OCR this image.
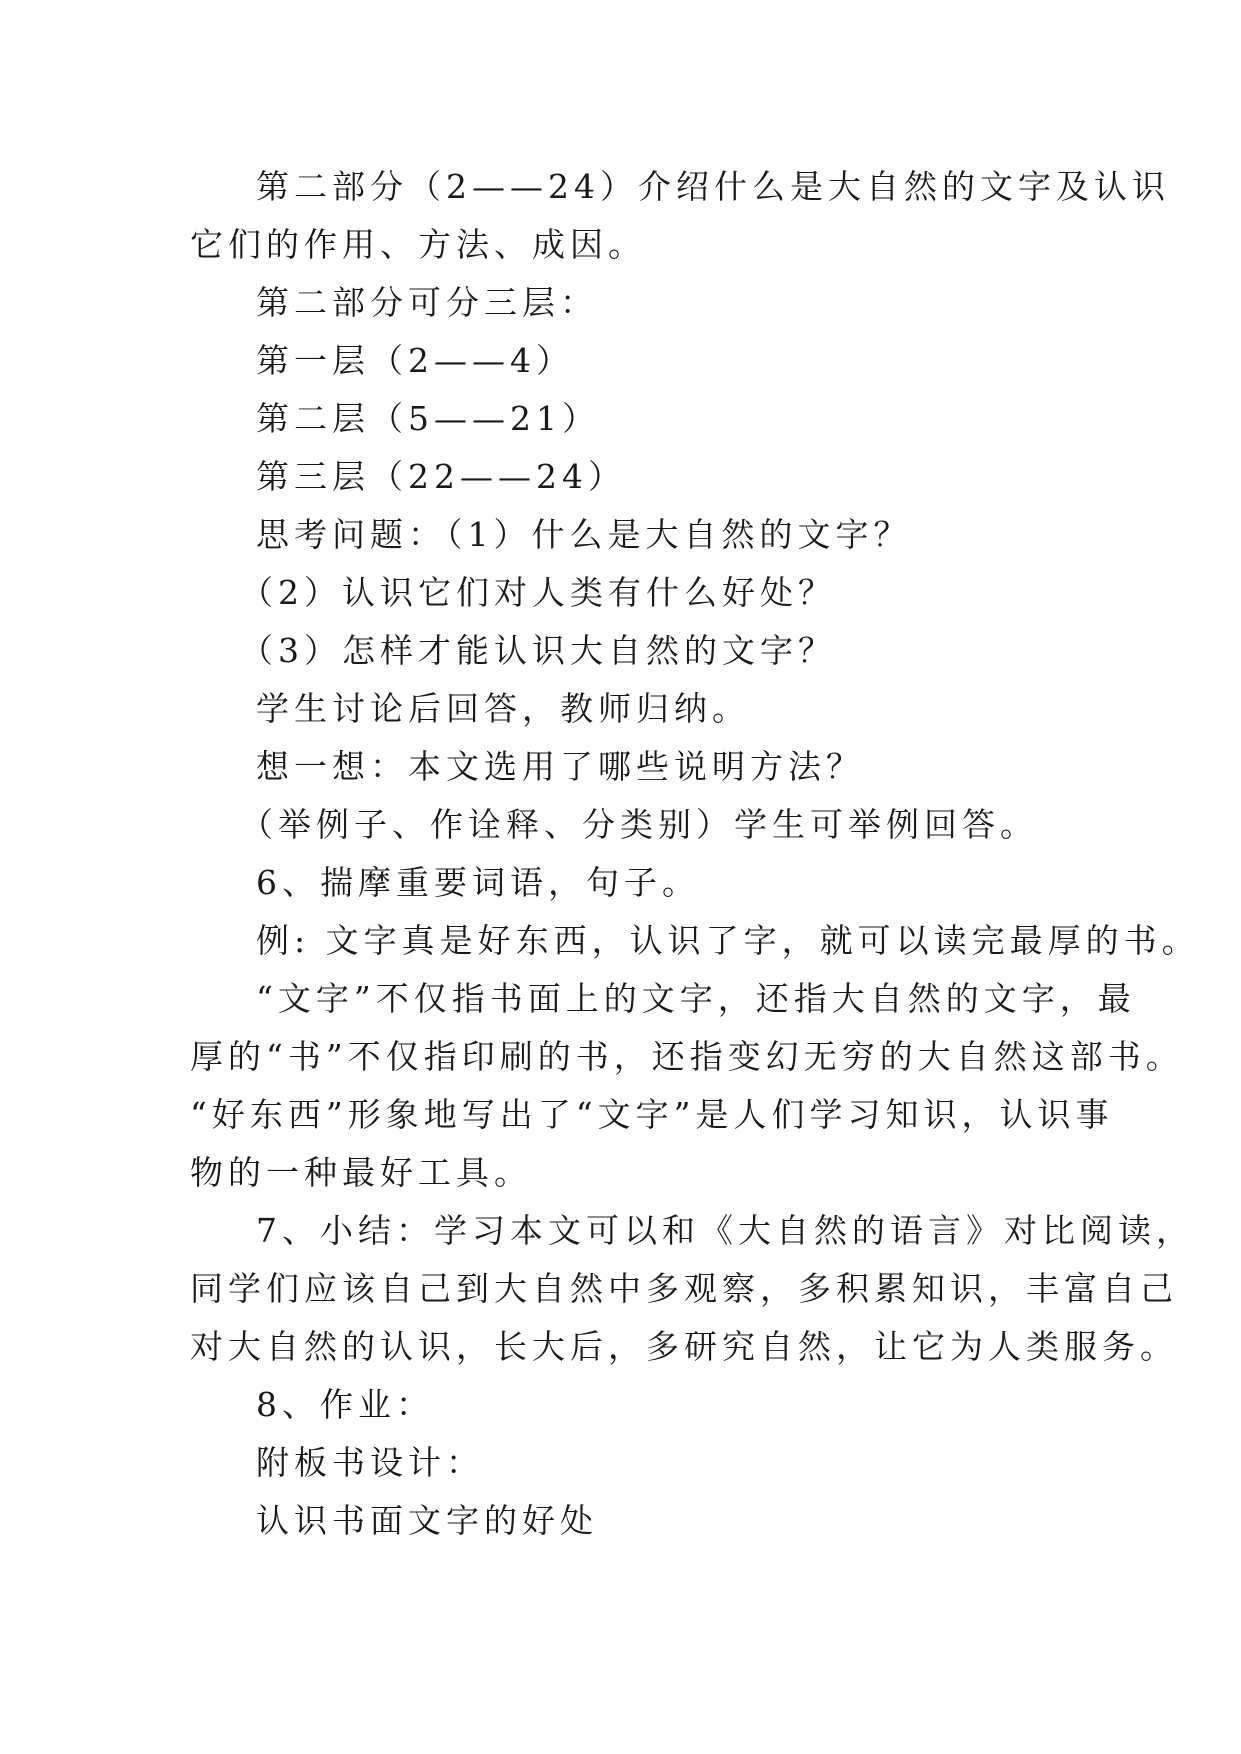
第二部分（2——24）介绍什么是大自然的文字及认识
它们的作用、方法、成因。
第二部分可分三层：
第一层（2——4）
第二层（5——21）
第三层（22——24）
思考问题：（1）什么是大自然的文字？
（2）认识它们对人类有什么好处？
（3）怎样才能认识大自然的文字？
学生讨论后回答，教师归纳。
想一想：本文选用了哪些说明方法？
（举例子、作诠释、分类别）学生可举例回答。
6、揣摩重要词语，句子。
例: 文字真是好东西，认识了字，就可以读完最厚的书。
“文字”不仅指书面上的文字，还指大自然的文字，最
厚的“书”不仅指印刷的书，还指变幻无穷的大自然这部书。
“好东西”形象地写出了“文字”是人们学习知识，认识事
物的一种最好工具。
7、小结：学习本文可以和《大自然的语言》对比阅读，
同学们应该自己到大自然中多观察，多积累知识，丰富自己
对大自然的认识，长大后，多研究自然，让它为人类服务。
8、作业：
附板书设计：
认识书面文字的好处
